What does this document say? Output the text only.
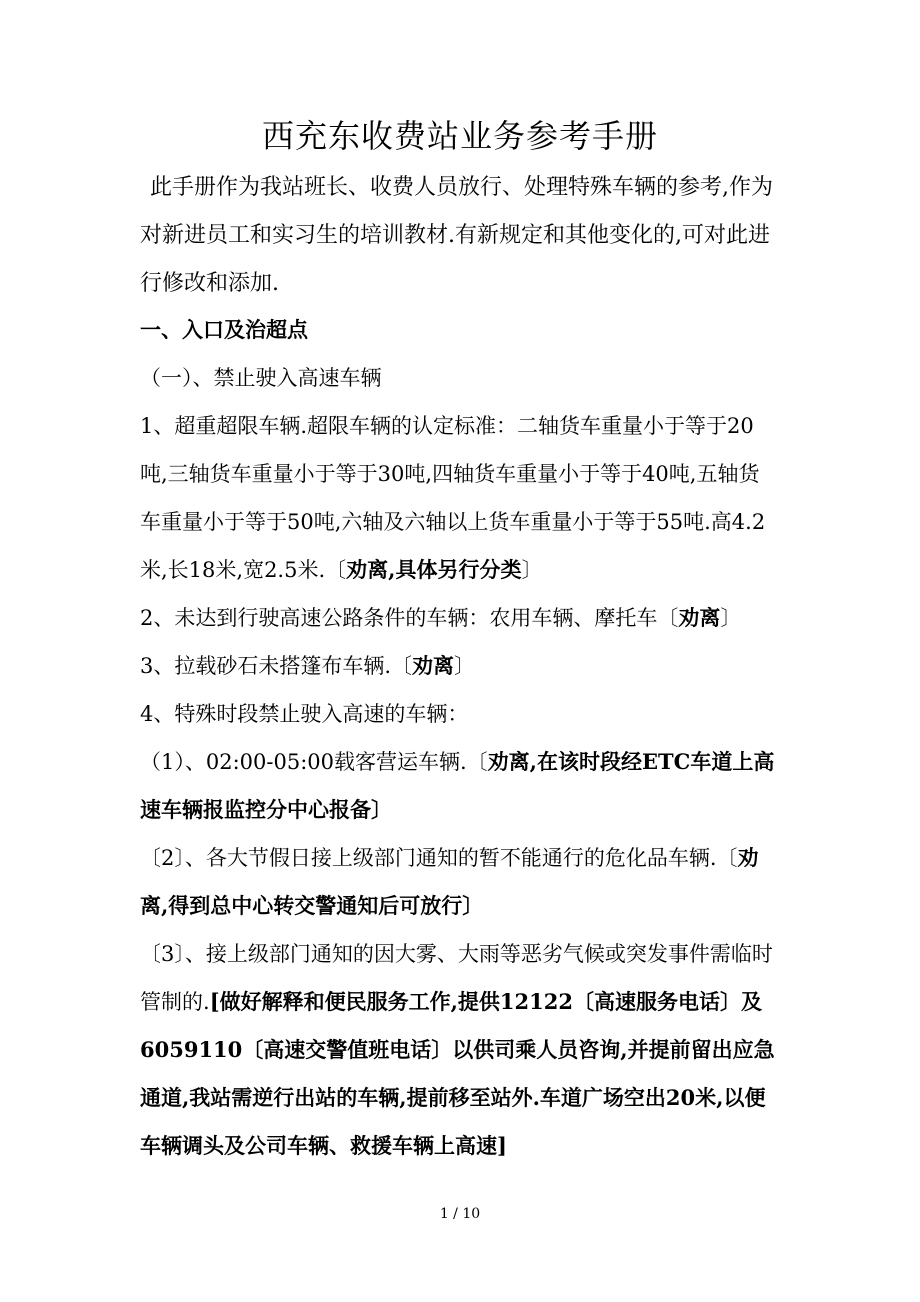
西充东收费站业务参考手册

此手册作为我站班长、收费人员放行、处理特殊车辆的参考,作为对新进员工和实习生的培训教材.有新规定和其他变化的,可对此进行修改和添加.

一、入口及治超点

（一）、禁止驶入高速车辆

1、超重超限车辆.超限车辆的认定标准：二轴货车重量小于等于20吨,三轴货车重量小于等于30吨,四轴货车重量小于等于40吨,五轴货车重量小于等于50吨,六轴及六轴以上货车重量小于等于55吨.高4.2米,长18米,宽2.5米.〔劝离,具体另行分类〕

2、未达到行驶高速公路条件的车辆：农用车辆、摩托车〔劝离〕

3、拉载砂石未搭篷布车辆.〔劝离〕

4、特殊时段禁止驶入高速的车辆：

（1）、02:00-05:00载客营运车辆.〔劝离,在该时段经ETC车道上高速车辆报监控分中心报备〕

〔2〕、各大节假日接上级部门通知的暂不能通行的危化品车辆.〔劝离,得到总中心转交警通知后可放行〕

〔3〕、接上级部门通知的因大雾、大雨等恶劣气候或突发事件需临时管制的.[做好解释和便民服务工作,提供12122〔高速服务电话〕及6059110〔高速交警值班电话〕以供司乘人员咨询,并提前留出应急通道,我站需逆行出站的车辆,提前移至站外.车道广场空出20米,以便车辆调头及公司车辆、救援车辆上高速]

1 / 10
